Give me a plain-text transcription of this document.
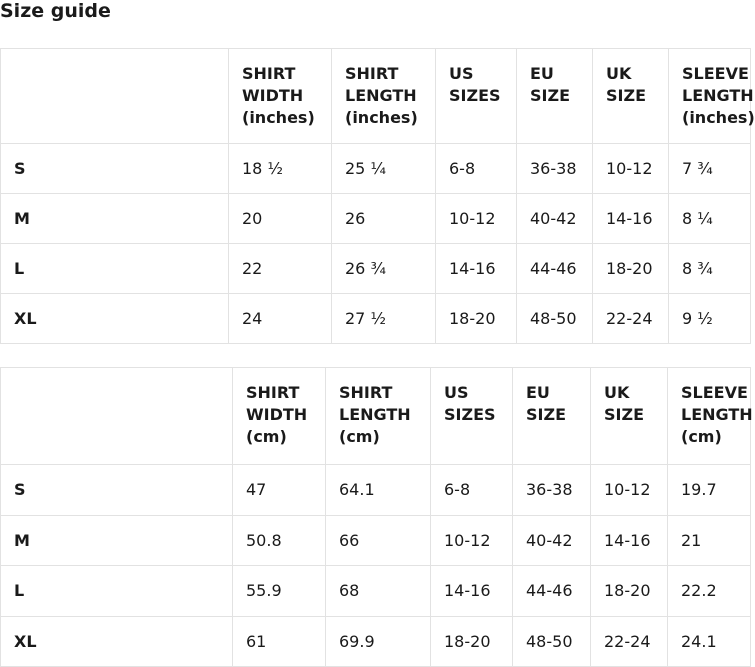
Size guide

	SHIRT
WIDTH
(inches)	SHIRT
LENGTH
(inches)	US
SIZES	EU
SIZE	UK
SIZE	SLEEVE
LENGTH
(inches)

S	18 ½	25 ¼	6-8	36-38	10-12	7 ¾
M	20	26	10-12	40-42	14-16	8 ¼
L	22	26 ¾	14-16	44-46	18-20	8 ¾
XL	24	27 ½	18-20	48-50	22-24	9 ½

	SHIRT
WIDTH
(cm)	SHIRT
LENGTH
(cm)	US
SIZES	EU
SIZE	UK
SIZE	SLEEVE
LENGTH
(cm)

S	47	64.1	6-8	36-38	10-12	19.7
M	50.8	66	10-12	40-42	14-16	21
L	55.9	68	14-16	44-46	18-20	22.2
XL	61	69.9	18-20	48-50	22-24	24.1
